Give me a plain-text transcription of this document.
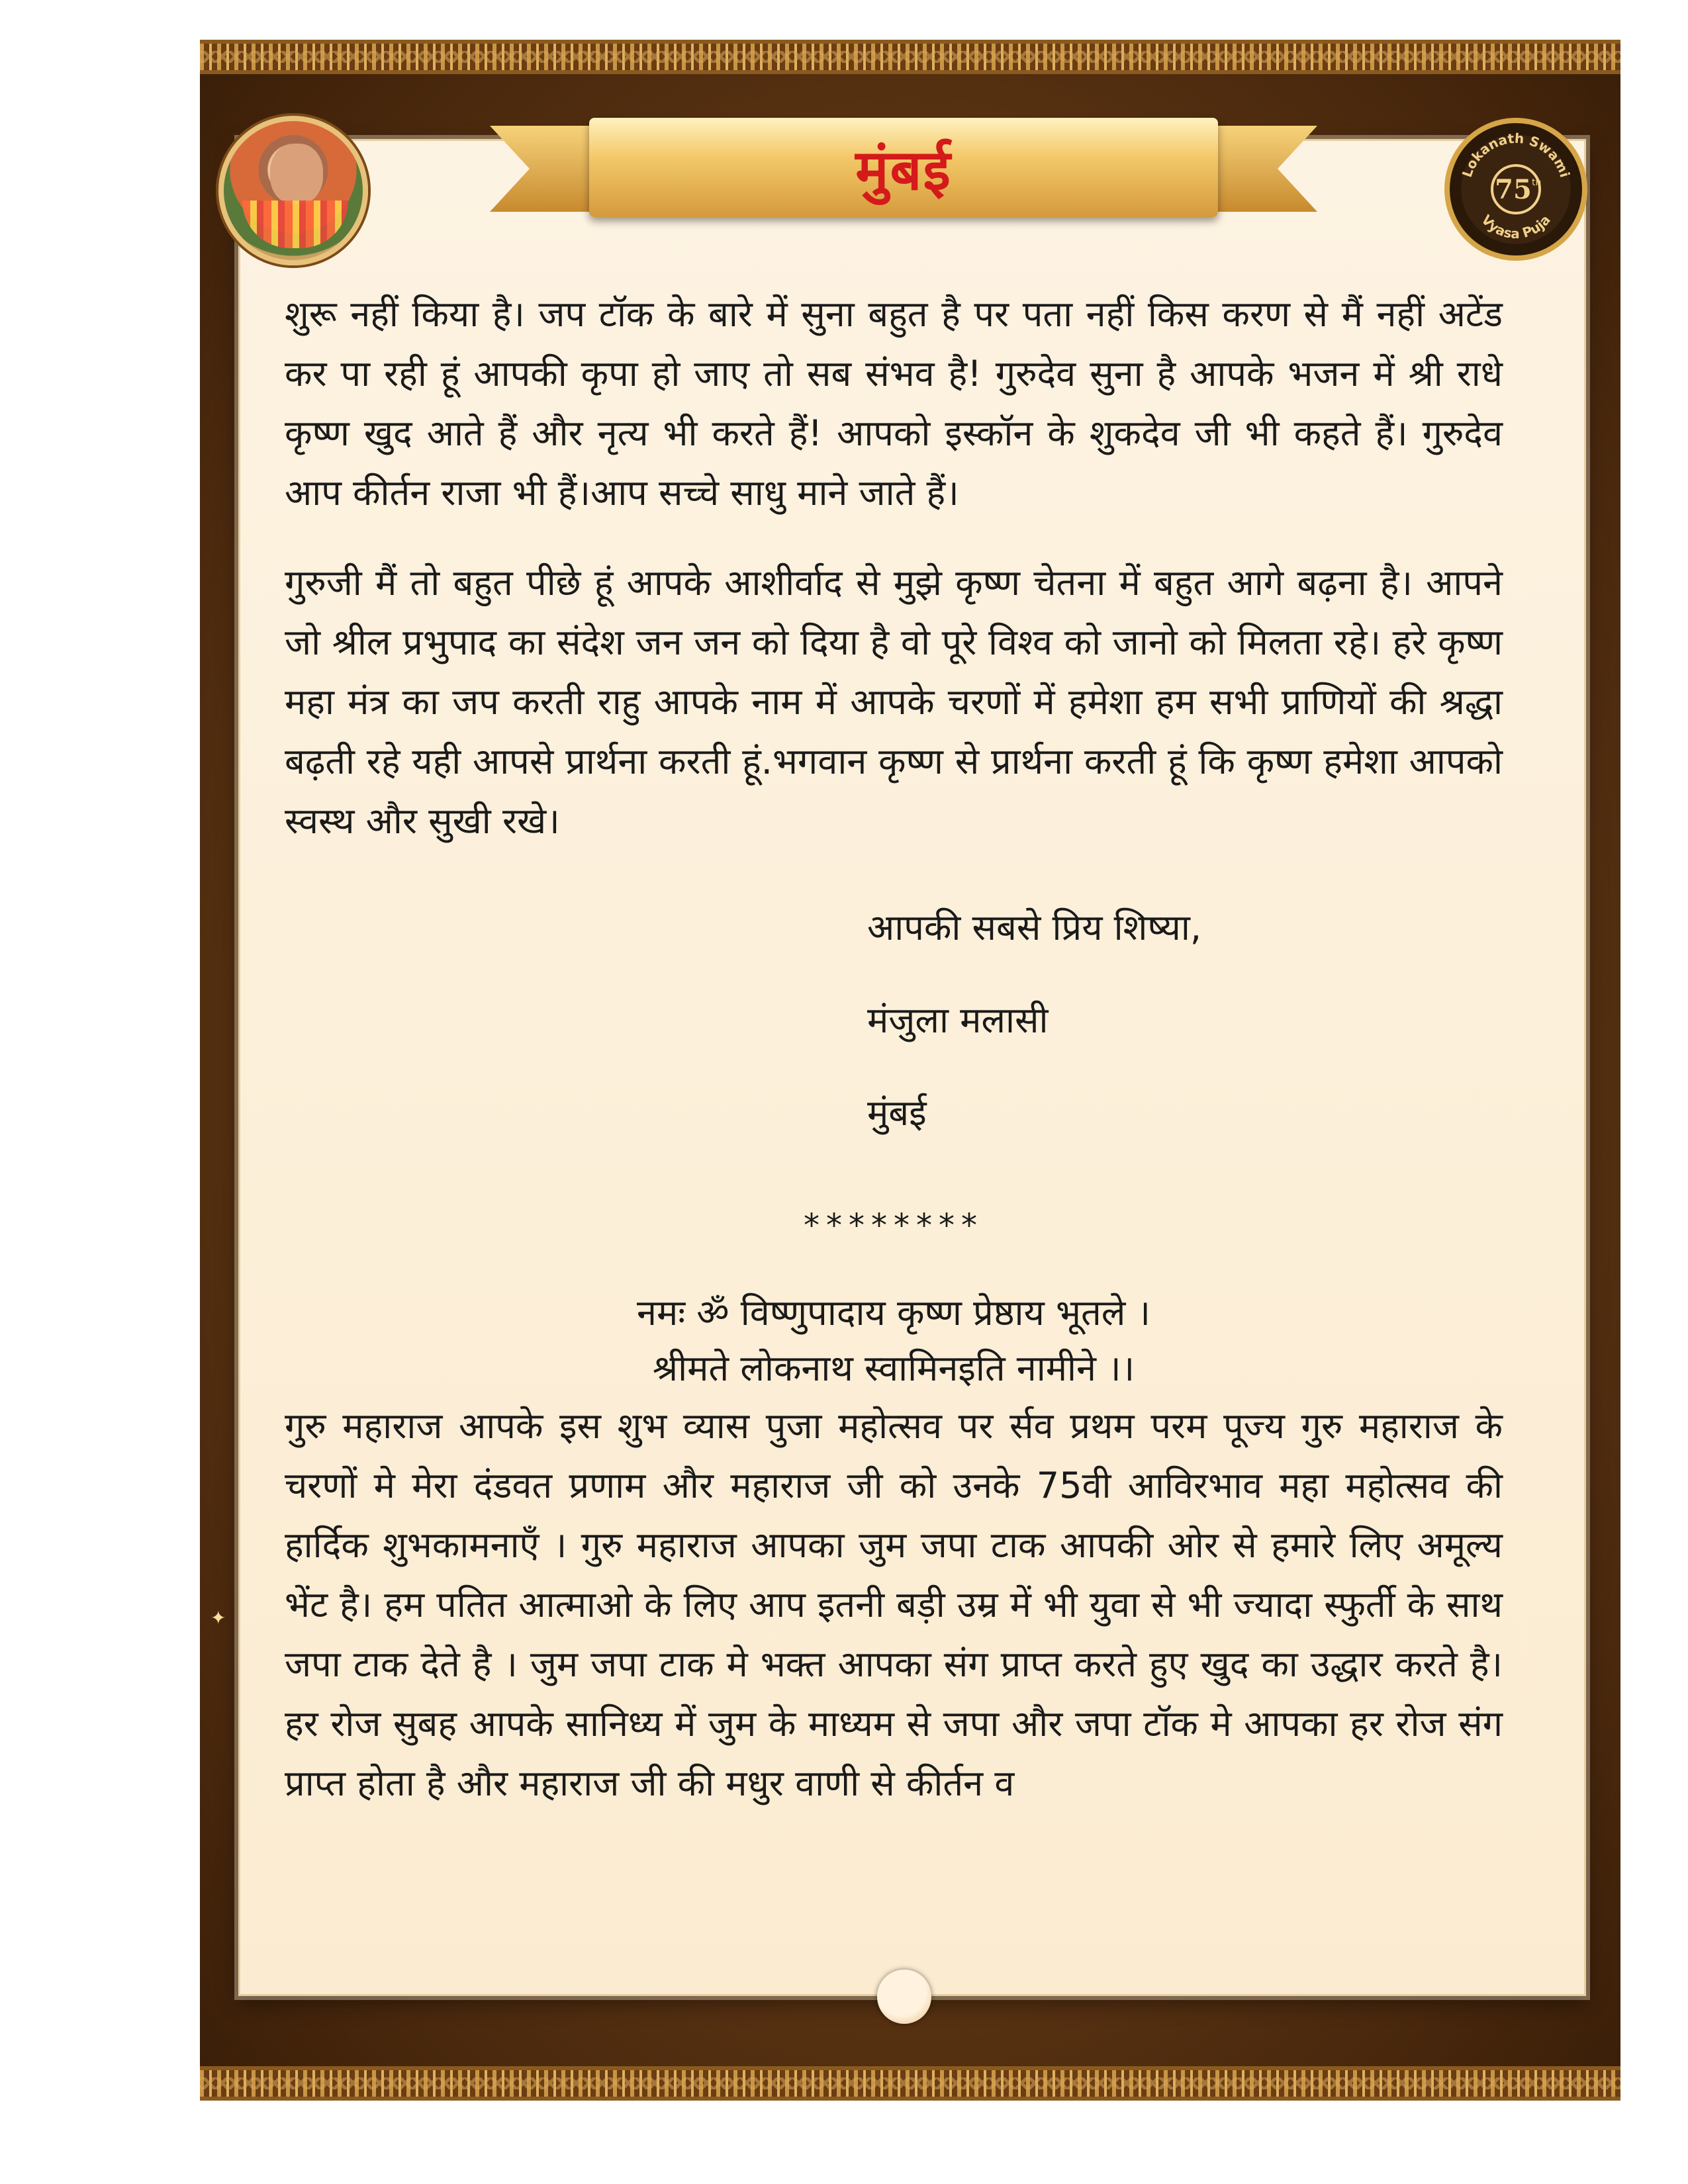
✦
मुंबई	Lokanath Swami
Vyasa Puja
75 th

शुरू नहीं किया है। जप टॉक के बारे में सुना बहुत है पर पता नहीं किस करण से मैं नहीं अटेंड कर पा रही हूं आपकी कृपा हो जाए तो सब संभव है! गुरुदेव सुना है आपके भजन में श्री राधे कृष्ण खुद आते हैं और नृत्य भी करते हैं! आपको इस्कॉन के शुकदेव जी भी कहते हैं। गुरुदेव आप कीर्तन राजा भी हैं।आप सच्चे साधु माने जाते हैं।

गुरुजी मैं तो बहुत पीछे हूं आपके आशीर्वाद से मुझे कृष्ण चेतना में बहुत आगे बढ़ना है। आपने जो श्रील प्रभुपाद का संदेश जन जन को दिया है वो पूरे विश्व को जानो को मिलता रहे। हरे कृष्ण महा मंत्र का जप करती राहु आपके नाम में आपके चरणों में हमेशा हम सभी प्राणियों की श्रद्धा बढ़ती रहे यही आपसे प्रार्थना करती हूं.भगवान कृष्ण से प्रार्थना करती हूं कि कृष्ण हमेशा आपको स्वस्थ और सुखी रखे।

आपकी सबसे प्रिय शिष्या,
मंजुला मलासी
मुंबई
********
नमः ॐ विष्णुपादाय कृष्ण प्रेष्ठाय भूतले ।
श्रीमते लोकनाथ स्वामिनइति नामीने ।।

गुरु महाराज आपके इस शुभ व्यास पुजा महोत्सव पर र्सव प्रथम परम पूज्य गुरु महाराज के चरणों मे मेरा दंडवत प्रणाम और महाराज जी को उनके 75वी आविरभाव महा महोत्सव की हार्दिक शुभकामनाएँ । गुरु महाराज आपका जुम जपा टाक आपकी ओर से हमारे लिए अमूल्य भेंट है। हम पतित आत्माओ के लिए आप इतनी बड़ी उम्र में भी युवा से भी ज्यादा स्फुर्ती के साथ जपा टाक देते है । जुम जपा टाक मे भक्त आपका संग प्राप्त करते हुए खुद का उद्धार करते है। हर रोज सुबह आपके सानिध्य में जुम के माध्यम से जपा और जपा टॉक मे आपका हर रोज संग प्राप्त होता है और महाराज जी की मधुर वाणी से कीर्तन व
